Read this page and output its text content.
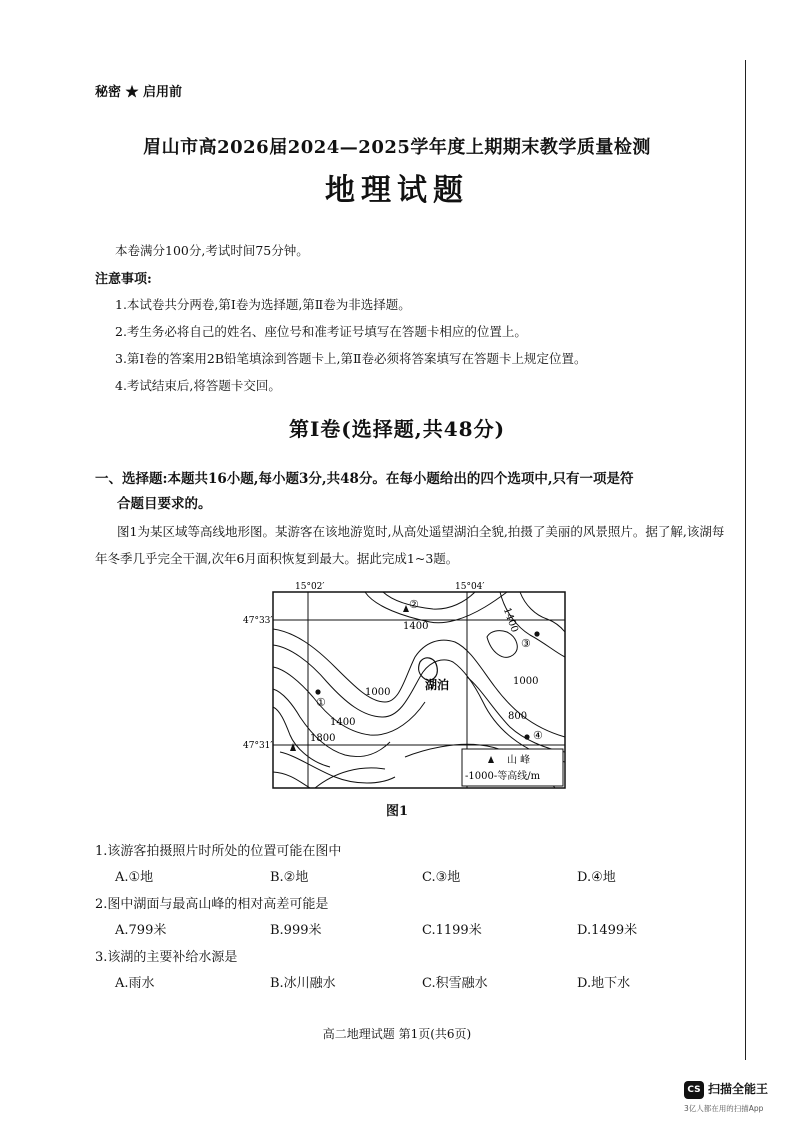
秘密 ★ 启用前
眉山市高2026届2024—2025学年度上期期末教学质量检测
地理试题
本卷满分100分,考试时间75分钟。
注意事项:
1.本试卷共分两卷,第Ⅰ卷为选择题,第Ⅱ卷为非选择题。
2.考生务必将自己的姓名、座位号和准考证号填写在答题卡相应的位置上。
3.第Ⅰ卷的答案用2B铅笔填涂到答题卡上,第Ⅱ卷必须将答案填写在答题卡上规定位置。
4.考试结束后,将答题卡交回。
第Ⅰ卷(选择题,共48分)
一、选择题:本题共16小题,每小题3分,共48分。在每小题给出的四个选项中,只有一项是符
合题目要求的。
图1为某区域等高线地形图。某游客在该地游览时,从高处遥望湖泊全貌,拍摄了美丽的风景照片。据了解,该湖每年冬季几乎完全干涸,次年6月面积恢复到最大。据此完成1~3题。
15°02′	15°04′
47°33′
47°31′
湖泊
1400	1400
1000
1000
1400
800
1800
①
②
③
④
山 峰
-1000-等高线/m
图1
1.该游客拍摄照片时所处的位置可能在图中
A.①地	B.②地	C.③地	D.④地
2.图中湖面与最高山峰的相对高差可能是
A.799米	B.999米	C.1199米	D.1499米
3.该湖的主要补给水源是
A.雨水	B.冰川融水	C.积雪融水	D.地下水
高二地理试题 第1页(共6页)
CS 扫描全能王
3亿人都在用的扫描App
